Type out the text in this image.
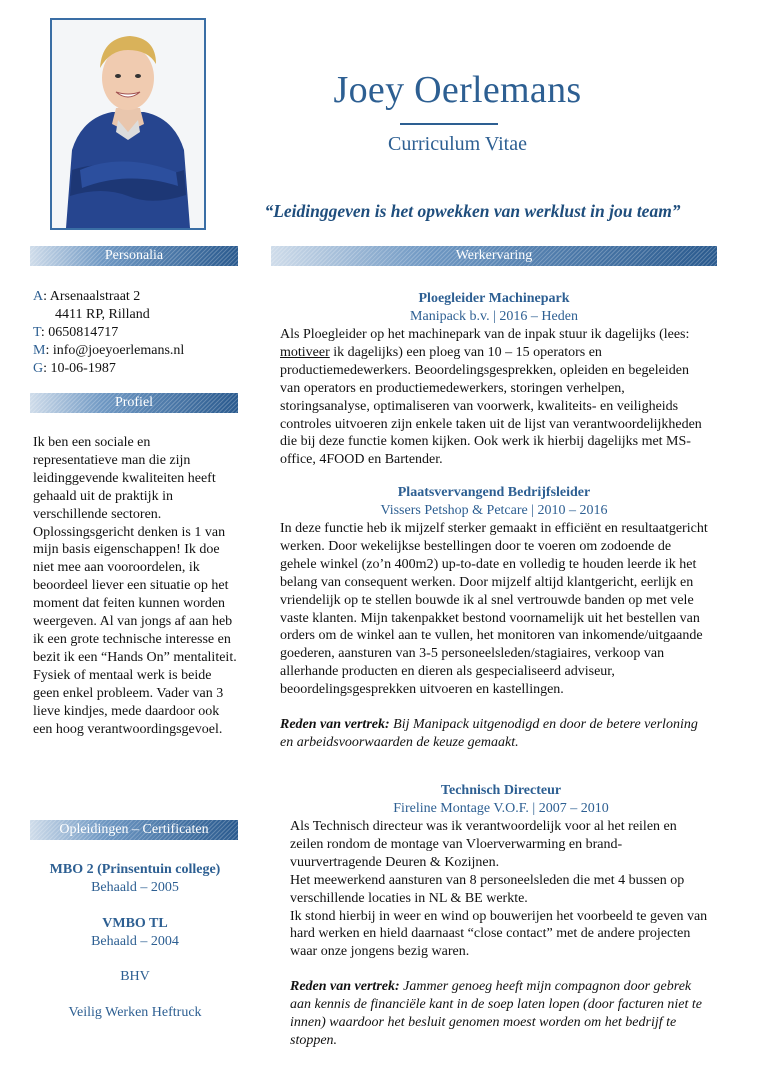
Joey Oerlemans
Curriculum Vitae
“Leidinggeven is het opwekken van werklust in jou team”
Personalia	Werkervaring
Profiel
Opleidingen – Certificaten
A: Arsenaalstraat 2
4411 RP, Rilland
T: 0650814717
M: info@joeyoerlemans.nl
G: 10-06-1987
Ik ben een sociale en representatieve man die zijn leidinggevende kwaliteiten heeft gehaald uit de praktijk in verschillende sectoren. Oplossingsgericht denken is 1 van mijn basis eigenschappen! Ik doe niet mee aan vooroordelen, ik beoordeel liever een situatie op het moment dat feiten kunnen worden weergeven. Al van jongs af aan heb ik een grote technische interesse en bezit ik een “Hands On” mentaliteit. Fysiek of mentaal werk is beide geen enkel probleem. Vader van 3 lieve kindjes, mede daardoor ook een hoog verantwoordingsgevoel.
MBO 2 (Prinsentuin college)
Behaald – 2005
VMBO TL
Behaald – 2004
BHV
Veilig Werken Heftruck
Ploegleider Machinepark
Manipack b.v. | 2016 – Heden
Als Ploegleider op het machinepark van de inpak stuur ik dagelijks (lees: motiveer ik dagelijks) een ploeg van 10 – 15 operators en productiemedewerkers. Beoordelingsgesprekken, opleiden en begeleiden van operators en productiemedewerkers, storingen verhelpen, storingsanalyse, optimaliseren van voorwerk, kwaliteits- en veiligheids controles uitvoeren zijn enkele taken uit de lijst van verantwoordelijkheden die bij deze functie komen kijken. Ook werk ik hierbij dagelijks met MS-office, 4FOOD en Bartender.
Plaatsvervangend Bedrijfsleider
Vissers Petshop & Petcare | 2010 – 2016
In deze functie heb ik mijzelf sterker gemaakt in efficiënt en resultaatgericht werken. Door wekelijkse bestellingen door te voeren om zodoende de gehele winkel (zo’n 400m2) up-to-date en volledig te houden leerde ik het belang van consequent werken. Door mijzelf altijd klantgericht, eerlijk en vriendelijk op te stellen bouwde ik al snel vertrouwde banden op met vele vaste klanten. Mijn takenpakket bestond voornamelijk uit het bestellen van orders om de winkel aan te vullen, het monitoren van inkomende/uitgaande goederen, aansturen van 3-5 personeelsleden/stagiaires, verkoop van allerhande producten en dieren als gespecialiseerd adviseur, beoordelingsgesprekken uitvoeren en kastellingen.
Reden van vertrek: Bij Manipack uitgenodigd en door de betere verloning en arbeidsvoorwaarden de keuze gemaakt.
Technisch Directeur
Fireline Montage V.O.F. | 2007 – 2010
Als Technisch directeur was ik verantwoordelijk voor al het reilen en zeilen rondom de montage van Vloerverwarming en brand-vuurvertragende Deuren & Kozijnen.
Het meewerkend aansturen van 8 personeelsleden die met 4 bussen op verschillende locaties in NL & BE werkte.
Ik stond hierbij in weer en wind op bouwerijen het voorbeeld te geven van hard werken en hield daarnaast “close contact” met de andere projecten waar onze jongens bezig waren.
Reden van vertrek: Jammer genoeg heeft mijn compagnon door gebrek aan kennis de financiële kant in de soep laten lopen (door facturen niet te innen) waardoor het besluit genomen moest worden om het bedrijf te stoppen.
